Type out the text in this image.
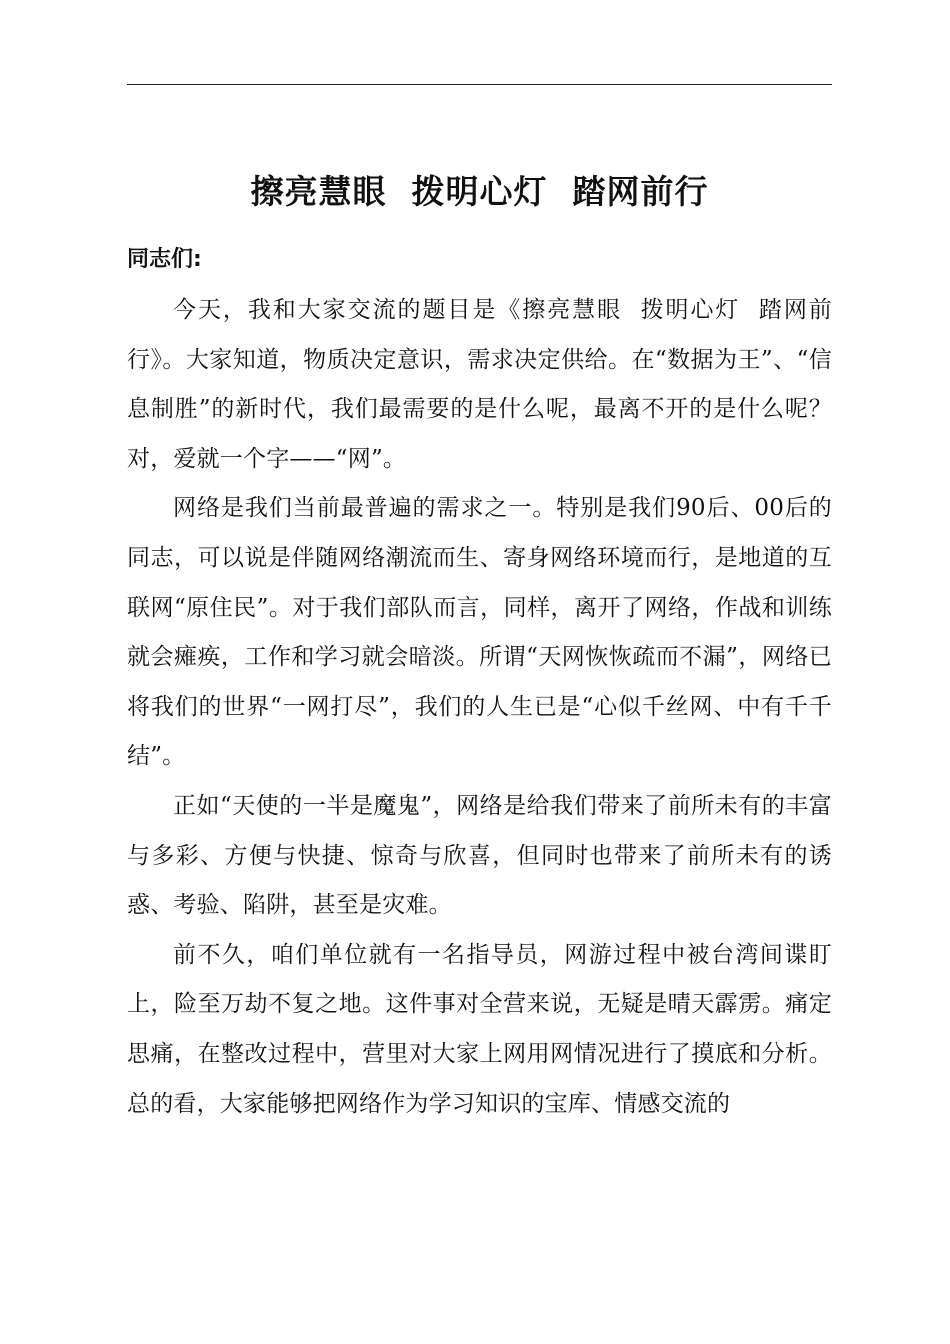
擦亮慧眼  拨明心灯  踏网前行
同志们:

今天，我和大家交流的题目是《擦亮慧眼  拨明心灯  踏网前行》。大家知道，物质决定意识，需求决定供给。在“数据为王”、“信息制胜”的新时代，我们最需要的是什么呢，最离不开的是什么呢？对，爱就一个字——“网”。

网络是我们当前最普遍的需求之一。特别是我们90后、00后的同志，可以说是伴随网络潮流而生、寄身网络环境而行，是地道的互联网“原住民”。对于我们部队而言，同样，离开了网络，作战和训练就会瘫痪，工作和学习就会暗淡。所谓“天网恢恢疏而不漏”，网络已将我们的世界“一网打尽”，我们的人生已是“心似千丝网、中有千千结”。

正如“天使的一半是魔鬼”，网络是给我们带来了前所未有的丰富与多彩、方便与快捷、惊奇与欣喜，但同时也带来了前所未有的诱惑、考验、陷阱，甚至是灾难。

前不久，咱们单位就有一名指导员，网游过程中被台湾间谍盯上，险至万劫不复之地。这件事对全营来说，无疑是晴天霹雳。痛定思痛，在整改过程中，营里对大家上网用网情况进行了摸底和分析。总的看，大家能够把网络作为学习知识的宝库、情感交流的
